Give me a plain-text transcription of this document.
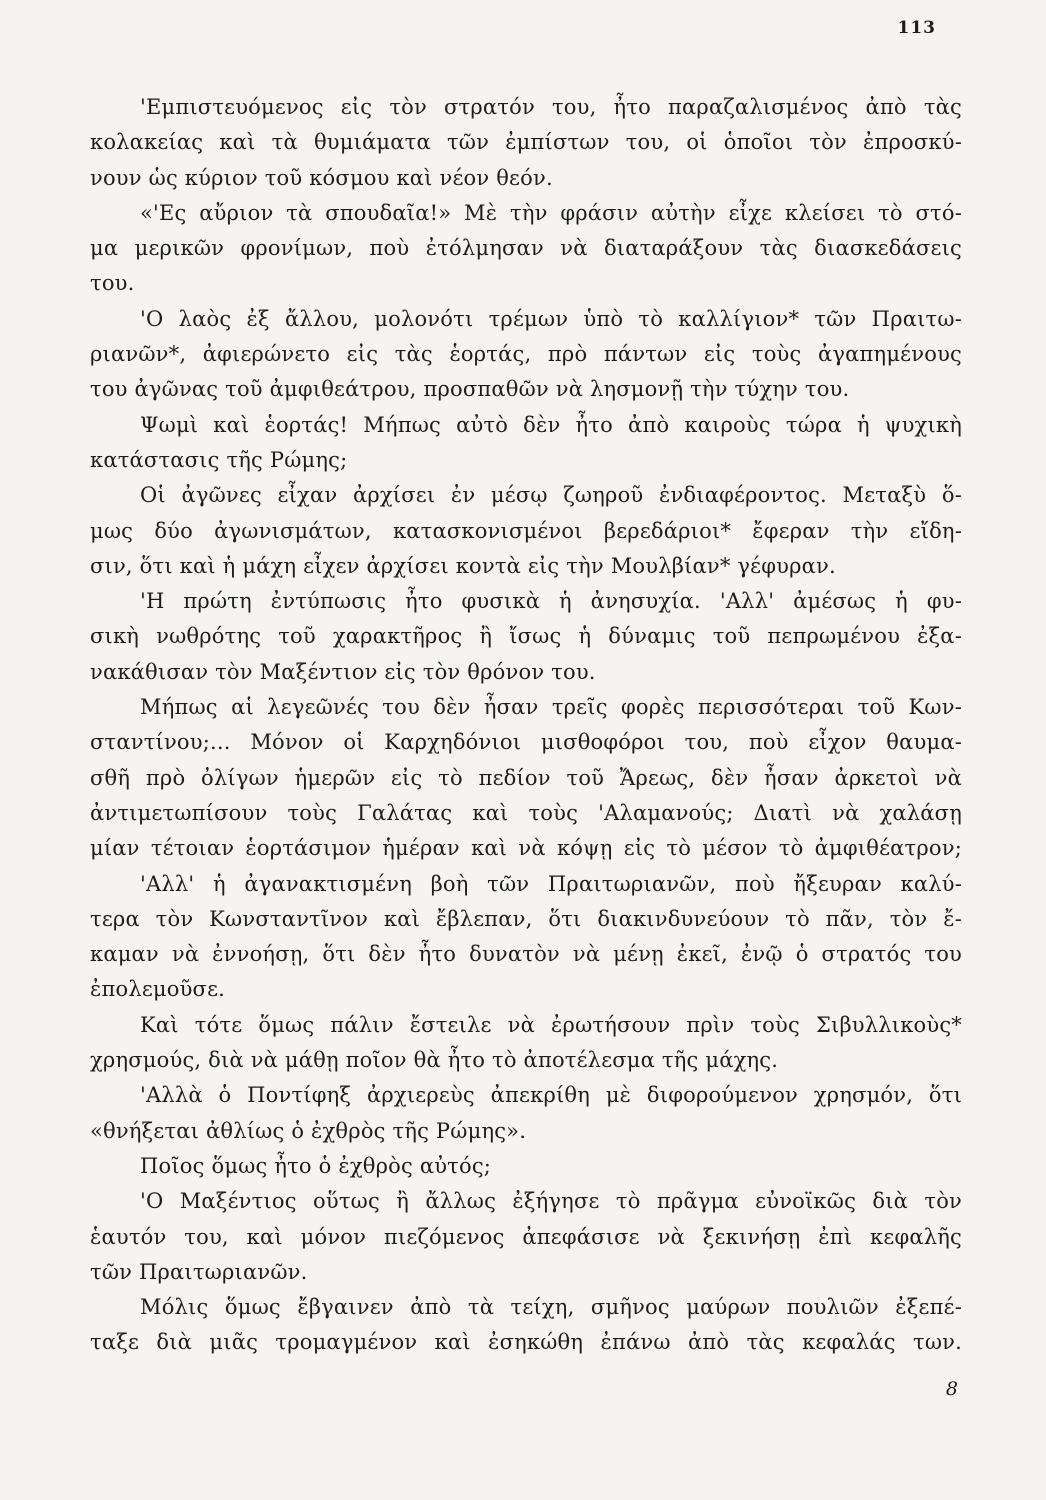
113
'Εμπιστευόμενος εἰς τὸν στρατόν του, ἦτο παραζαλισμένος ἀπὸ τὰς
κολακείας καὶ τὰ θυμιάματα τῶν ἐμπίστων του, οἱ ὁποῖοι τὸν ἐπροσκύ-
νουν ὡς κύριον τοῦ κόσμου καὶ νέον θεόν.
«'Ες αὔριον τὰ σπουδαῖα!» Μὲ τὴν φράσιν αὐτὴν εἶχε κλείσει τὸ στό-
μα μερικῶν φρονίμων, ποὺ ἐτόλμησαν νὰ διαταράξουν τὰς διασκεδάσεις
του.
'Ο λαὸς ἐξ ἄλλου, μολονότι τρέμων ὑπὸ τὸ καλλίγιον* τῶν Πραιτω-
ριανῶν*, ἀφιερώνετο εἰς τὰς ἑορτάς, πρὸ πάντων εἰς τοὺς ἀγαπημένους
του ἀγῶνας τοῦ ἀμφιθεάτρου, προσπαθῶν νὰ λησμονῇ τὴν τύχην του.
Ψωμὶ καὶ ἑορτάς! Μήπως αὐτὸ δὲν ἦτο ἀπὸ καιροὺς τώρα ἡ ψυχικὴ
κατάστασις τῆς Ρώμης;
Οἱ ἀγῶνες εἶχαν ἀρχίσει ἐν μέσῳ ζωηροῦ ἐνδιαφέροντος. Μεταξὺ ὅ-
μως δύο ἀγωνισμάτων, κατασκονισμένοι βερεδάριοι* ἔφεραν τὴν εἴδη-
σιν, ὅτι καὶ ἡ μάχη εἶχεν ἀρχίσει κοντὰ εἰς τὴν Μουλβίαν* γέφυραν.
'Η πρώτη ἐντύπωσις ἦτο φυσικὰ ἡ ἀνησυχία. 'Αλλ' ἀμέσως ἡ φυ-
σικὴ νωθρότης τοῦ χαρακτῆρος ἢ ἴσως ἡ δύναμις τοῦ πεπρωμένου ἐξα-
νακάθισαν τὸν Μαξέντιον εἰς τὸν θρόνον του.
Μήπως αἱ λεγεῶνές του δὲν ἦσαν τρεῖς φορὲς περισσότεραι τοῦ Κων-
σταντίνου;... Μόνον οἱ Καρχηδόνιοι μισθοφόροι του, ποὺ εἶχον θαυμα-
σθῆ πρὸ ὀλίγων ἡμερῶν εἰς τὸ πεδίον τοῦ Ἄρεως, δὲν ἦσαν ἀρκετοὶ νὰ
ἀντιμετωπίσουν τοὺς Γαλάτας καὶ τοὺς 'Αλαμανούς; Διατὶ νὰ χαλάσῃ
μίαν τέτοιαν ἑορτάσιμον ἡμέραν καὶ νὰ κόψῃ εἰς τὸ μέσον τὸ ἀμφιθέατρον;
'Αλλ' ἡ ἀγανακτισμένη βοὴ τῶν Πραιτωριανῶν, ποὺ ἤξευραν καλύ-
τερα τὸν Κωνσταντῖνον καὶ ἔβλεπαν, ὅτι διακινδυνεύουν τὸ πᾶν, τὸν ἔ-
καμαν νὰ ἐννοήσῃ, ὅτι δὲν ἦτο δυνατὸν νὰ μένῃ ἐκεῖ, ἐνῷ ὁ στρατός του
ἐπολεμοῦσε.
Καὶ τότε ὅμως πάλιν ἔστειλε νὰ ἐρωτήσουν πρὶν τοὺς Σιβυλλικοὺς*
χρησμούς, διὰ νὰ μάθῃ ποῖον θὰ ἦτο τὸ ἀποτέλεσμα τῆς μάχης.
'Αλλὰ ὁ Ποντίφηξ ἀρχιερεὺς ἀπεκρίθη μὲ διφορούμενον χρησμόν, ὅτι
«θνήξεται ἀθλίως ὁ ἐχθρὸς τῆς Ρώμης».
Ποῖος ὅμως ἦτο ὁ ἐχθρὸς αὐτός;
'Ο Μαξέντιος οὕτως ἢ ἄλλως ἐξήγησε τὸ πρᾶγμα εὐνοϊκῶς διὰ τὸν
ἑαυτόν του, καὶ μόνον πιεζόμενος ἀπεφάσισε νὰ ξεκινήσῃ ἐπὶ κεφαλῆς
τῶν Πραιτωριανῶν.
Μόλις ὅμως ἔβγαινεν ἀπὸ τὰ τείχη, σμῆνος μαύρων πουλιῶν ἐξεπέ-
ταξε διὰ μιᾶς τρομαγμένον καὶ ἐσηκώθη ἐπάνω ἀπὸ τὰς κεφαλάς των.
8
